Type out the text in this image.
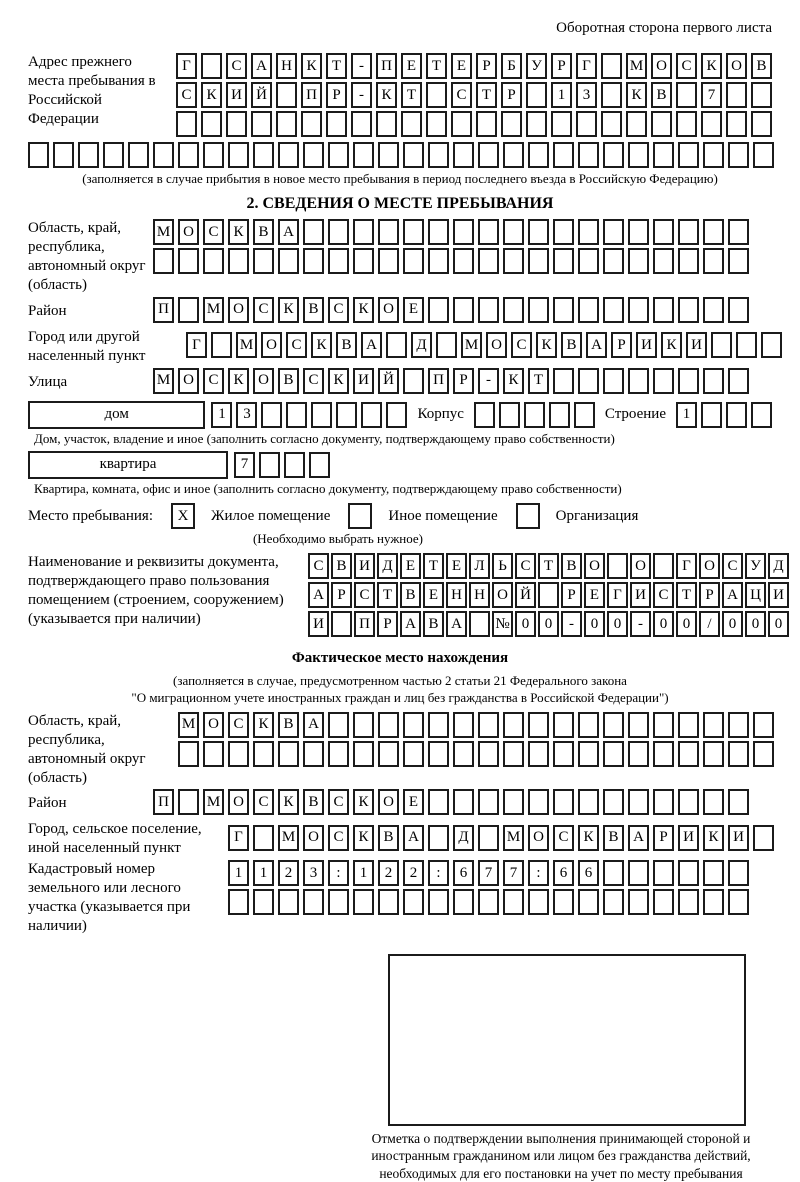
Оборотная сторона первого листа
Адрес прежнего места пребывания в Российской Федерации
Г	С А Н К	Т	-	П Е	Т	Е	Р	Б	У	Р	Г	М О С К О В
С К И Й	П	Р	-	К	Т	С	Т	Р	1	3	К В	7
(заполняется в случае прибытия в новое место пребывания в период последнего въезда в Российскую Федерацию)
2. СВЕДЕНИЯ О МЕСТЕ ПРЕБЫВАНИЯ
Область, край, республика, автономный округ (область)
М О С К В А
Район	П	М О С К В С К О Е
Город или другой населенный пункт
Г	М О С К В А	Д	М О С К В А	Р	И К И
Улица	М О С К О В С К И Й	П	Р	-	К	Т
дом	1	3	Корпус	Строение	1
Дом, участок, владение и иное (заполнить согласно документу, подтверждающему право собственности)
квартира	7
Квартира, комната, офис и иное (заполнить согласно документу, подтверждающему право собственности)
Место пребывания:	X	Жилое помещение	Иное помещение	Организация
(Необходимо выбрать нужное)
Наименование и реквизиты документа, подтверждающего право пользования помещением (строением, сооружением) (указывается при наличии)
С В И Д Е Т Е Л Ь С Т В О	О	Г О С У Д
А Р С Т В Е Н Н О Й	Р Е Г И С Т Р А Ц И
И	П Р А В А	№ 0	0	-	0	0	-	0	0	/	0	0	0
Фактическое место нахождения
(заполняется в случае, предусмотренном частью 2 статьи 21 Федерального закона
"О миграционном учете иностранных граждан и лиц без гражданства в Российской Федерации")
Область, край, республика, автономный округ (область)
М О С К В А
Район	П	М О С К В С К О Е
Город, сельское поселение, иной населенный пункт
Г	М О С К В А	Д	М О С К В А	Р	И К И
Кадастровый номер земельного или лесного участка (указывается при наличии)
1	1	2	3	:	1	2	2	:	6	7	7	:	6	6
Отметка о подтверждении выполнения принимающей стороной и иностранным гражданином или лицом без гражданства действий, необходимых для его постановки на учет по месту пребывания
